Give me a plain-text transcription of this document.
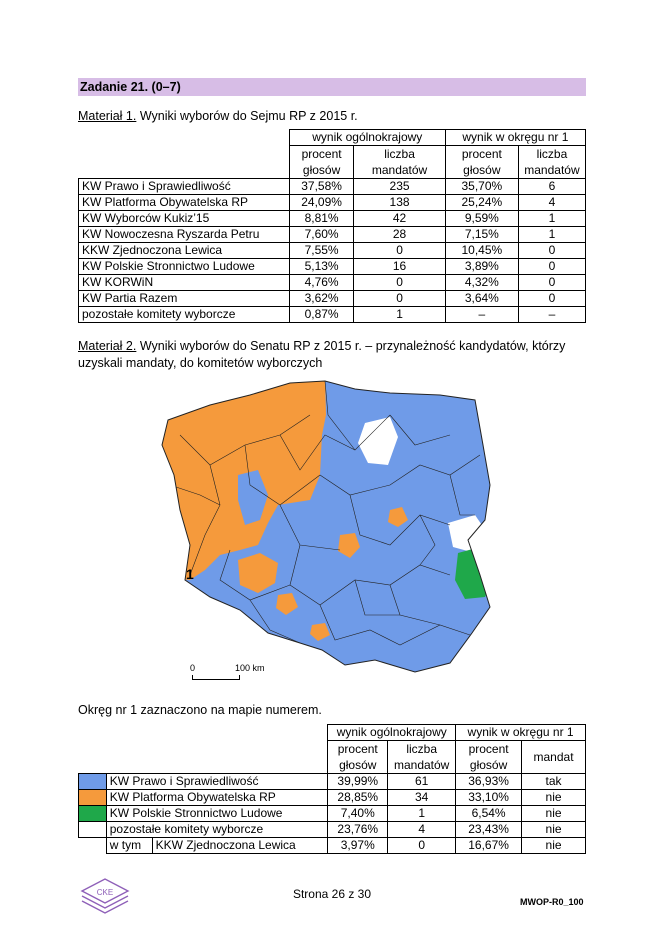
Zadanie 21. (0–7)
Materiał 1. Wyniki wyborów do Sejmu RP z 2015 r.
	wynik ogólnokrajowy		wynik w okręgu nr 1	
	procent głosów	liczba mandatów	procent głosów	liczba mandatów
KW Prawo i Sprawiedliwość	37,58%	235	35,70%	6
KW Platforma Obywatelska RP	24,09%	138	25,24%	4
KW Wyborców Kukiz’15	8,81%	42	9,59%	1
KW Nowoczesna Ryszarda Petru	7,60%	28	7,15%	1
KKW Zjednoczona Lewica	7,55%	0	10,45%	0
KW Polskie Stronnictwo Ludowe	5,13%	16	3,89%	0
KW KORWiN	4,76%	0	4,32%	0
KW Partia Razem	3,62%	0	3,64%	0
pozostałe komitety wyborcze	0,87%	1	–	–
Materiał 2. Wyniki wyborów do Senatu RP z 2015 r. – przynależność kandydatów, którzy uzyskali mandaty, do komitetów wyborczych
1
0	100 km
Okręg nr 1 zaznaczono na mapie numerem.
			wynik ogólnokrajowy		wynik w okręgu nr 1	
			procent głosów	liczba mandatów	procent głosów	mandat
	KW Prawo i Sprawiedliwość		39,99%	61	36,93%	tak
	KW Platforma Obywatelska RP		28,85%	34	33,10%	nie
	KW Polskie Stronnictwo Ludowe		7,40%	1	6,54%	nie
	pozostałe komitety wyborcze		23,76%	4	23,43%	nie
	w tym	KKW Zjednoczona Lewica	3,97%	0	16,67%	nie
CKE	Strona 26 z 30
MWOP-R0_100
